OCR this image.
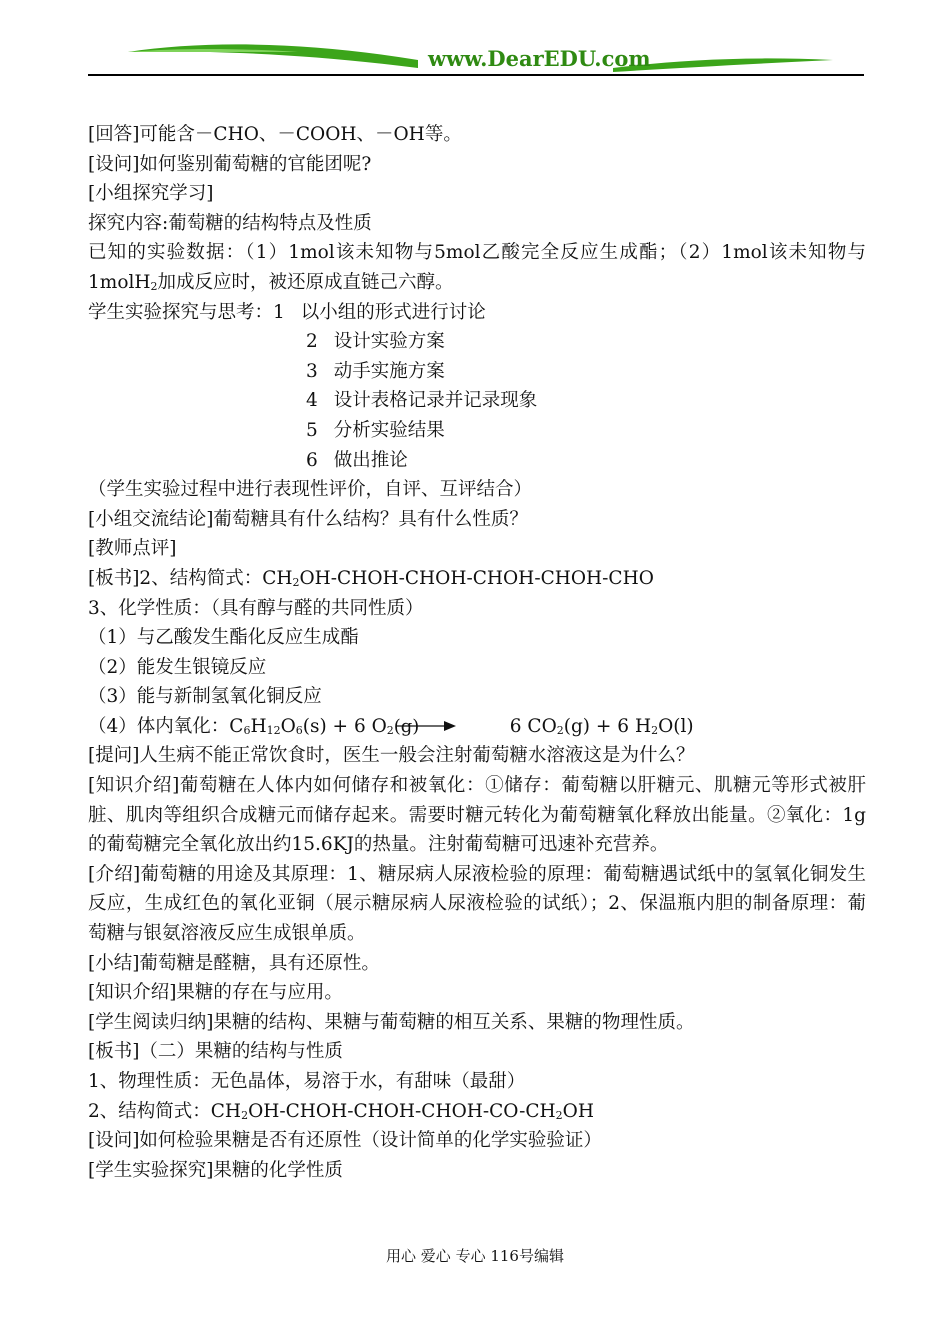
www.DearEDU.com
[回答]可能含－CHO、－COOH、－OH等。
[设问]如何鉴别葡萄糖的官能团呢?
[小组探究学习]
探究内容:葡萄糖的结构特点及性质
已知的实验数据：（1）1mol该未知物与5mol乙酸完全反应生成酯；（2）1mol该未知物与1molH$_2$加成反应时，被还原成直链己六醇。
学生实验探究与思考：1 以小组的形式进行讨论
2 设计实验方案
3 动手实施方案
4 设计表格记录并记录现象
5 分析实验结果
6 做出推论
（学生实验过程中进行表现性评价，自评、互评结合）
[小组交流结论]葡萄糖具有什么结构？具有什么性质？
[教师点评]
[板书]2、结构简式：$CH_2OH-CHOH-CHOH-CHOH-CHOH$-CHO
3、化学性质：（具有醇与醛的共同性质）
（1）与乙酸发生酯化反应生成酯
（2）能发生银镜反应
（3）能与新制氢氧化铜反应
（4）体内氧化：$C_6H_{12}O_6(s) + 6$ $O_2$ (g)	6 $CO_2(g) + 6$ $H_2O(l)$
[提问]人生病不能正常饮食时，医生一般会注射葡萄糖水溶液这是为什么？
[知识介绍]葡萄糖在人体内如何储存和被氧化：①储存：葡萄糖以肝糖元、肌糖元等形式被肝脏、肌肉等组织合成糖元而储存起来。需要时糖元转化为葡萄糖氧化释放出能量。②氧化：1g的葡萄糖完全氧化放出约15.6KJ的热量。注射葡萄糖可迅速补充营养。
[介绍]葡萄糖的用途及其原理：1、糖尿病人尿液检验的原理：葡萄糖遇试纸中的氢氧化铜发生反应，生成红色的氧化亚铜（展示糖尿病人尿液检验的试纸）；2、保温瓶内胆的制备原理：葡萄糖与银氨溶液反应生成银单质。
[小结]葡萄糖是醛糖，具有还原性。
[知识介绍]果糖的存在与应用。
[学生阅读归纳]果糖的结构、果糖与葡萄糖的相互关系、果糖的物理性质。
[板书]（二）果糖的结构与性质
1、物理性质：无色晶体，易溶于水，有甜味（最甜）
2、结构简式：$CH_2OH-CHOH-CHOH-CHOH-CO-CH_2OH$
[设问]如何检验果糖是否有还原性（设计简单的化学实验验证）
[学生实验探究]果糖的化学性质
用心 爱心 专心 116号编辑
